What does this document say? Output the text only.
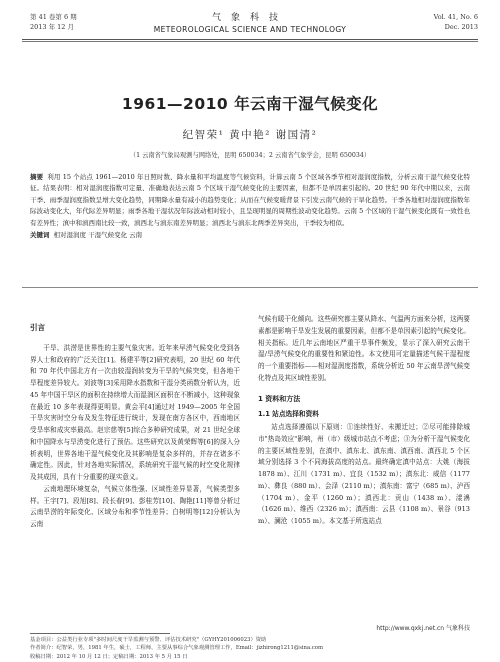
第 41 卷第 6 期
2013 年 12 月
气象科技
METEOROLOGICAL SCIENCE AND TECHNOLOGY
Vol. 41, No. 6
Dec. 2013
1961—2010 年云南干湿气候变化
纪智荣¹ 黄中艳² 谢国清²
（1 云南省气象局观测与网络处，昆明 650034；2 云南省气象学会，昆明 650034）
摘要 利用 15 个站点 1961—2010 年日照时数、降水量和平均温度等气候资料，计算云南 5 个区域各季节相对湿润度指数，分析云南干湿气候变化特征。结果表明：相对湿润度指数可定量、准确地表达云南 5 个区域干湿气候变化的主要因素，但都不是单因素引起的。20 世纪 90 年代中期以来，云南干季、雨季湿润度指数呈增大变化趋势，同期降水量有减小的趋势变化；从而在气候变暖背景下引发云南气候的干旱化趋势。干季各地相对湿润度指数年际波动变化大，年代际差异明显；雨季各地干湿状况年际波动相对较小，且呈现明显的周期性波动变化趋势。云南 5 个区域的干湿气候变化既有一致性也有差异性；滇中和滇西南比较一致，滇西北与滇东南差异明显；滇西北与滇东北两季差异突出，干季较为相似。
关键词 相对湿润度 干湿气候变化 云南
引言

干旱、洪涝是世界性的主要气象灾害。近年来早涝气候变化受到各界人士和政府的广泛关注[1]。杨建平等[2]研究表明，20 世纪 60 年代和 70 年代中国北方有一次由较湿润转变为干旱的气候突变，但各地干旱程度差异较大。刘波等[3]采用降水指数和干湿分类函数分析认为，近 45 年中国干旱区的面积在持续增大而湿润区面积在不断减小，这种现象在最近 10 多年表现得更明显。黄会平[4]通过对 1949—2005 年全国干旱灾害时空分布及发生特征进行统计，发现在南方各区中，西南地区受旱率和成灾率最高。赵宗慈等[5]综合多种研究成果，对 21 世纪全球和中国降水与旱涝变化进行了预估。这些研究以及黄荣辉等[6]的深入分析表明，世界各地干湿气候变化及其影响是复杂多样的，并存在诸多不确定性。因此，针对各地实际情况，系统研究干湿气候的时空变化规律及其成因，具有十分重要的现实意义。

云南地理环境复杂，气候立体性强、区域性差异显著，气候类型多样。王宇[7]、段旭[8]、段长春[9]、彭桂芳[10]、陶艳[11]等曾分析过云南旱涝的年际变化、区域分布和季节性差异；白树明等[12]分析认为云南

气候有暖干化倾向。这些研究都主要从降水、气温两方面来分析，这两要素都是影响干旱发生发展的重要因素，但都不是单因素引起的气候变化。相关指标。近几年云南地区严重干旱事件频发，显示了深入研究云南干湿/旱涝气候变化的重要性和紧迫性。本文使用可定量描述气候干湿程度的一个重要指标——相对湿润度指数，系统分析近 50 年云南旱涝气候变化特点及其区域性差别。

1 资料和方法
1.1 站点选择和资料

站点选择遵循以下原则：①连续性好、未搬迁过；②尽可能排除城市"热岛效应"影响，州（市）级城市站点不考虑；③为分析干湿气候变化的主要区域性差别，在滇中、滇东北、滇东南、滇西南、滇西北 5 个区域分别选择 3 个不同海拔高度的站点。最终确定滇中站点：大姚（海拔 1878 m）、江川（1731 m）、宜良（1532 m）；滇东北：威信（1177 m）、彝良（880 m）、会泽（2110 m）；滇东南：富宁（685 m）、泸西（1704 m）、金平（1260 m）；滇西北：贡山（1438 m）、漾濞（1626 m）、维西（2326 m）；滇西南：云县（1108 m）、景谷（913 m）、澜沧（1055 m）。本文基于所选站点

http://www.qxkj.net.cn 气象科技
基金项目：公益类行业专项"多时间尺度干旱监测与预警、评估技术研究"（GYHY201006023）资助
作者简介：纪智荣，男，1981 年生，硕士，工程师，主要从事综合气象观测管理工作，Email：jizhirong1211@sina.com
收稿日期：2012 年 10 月 12 日；定稿日期：2013 年 5 月 15 日
